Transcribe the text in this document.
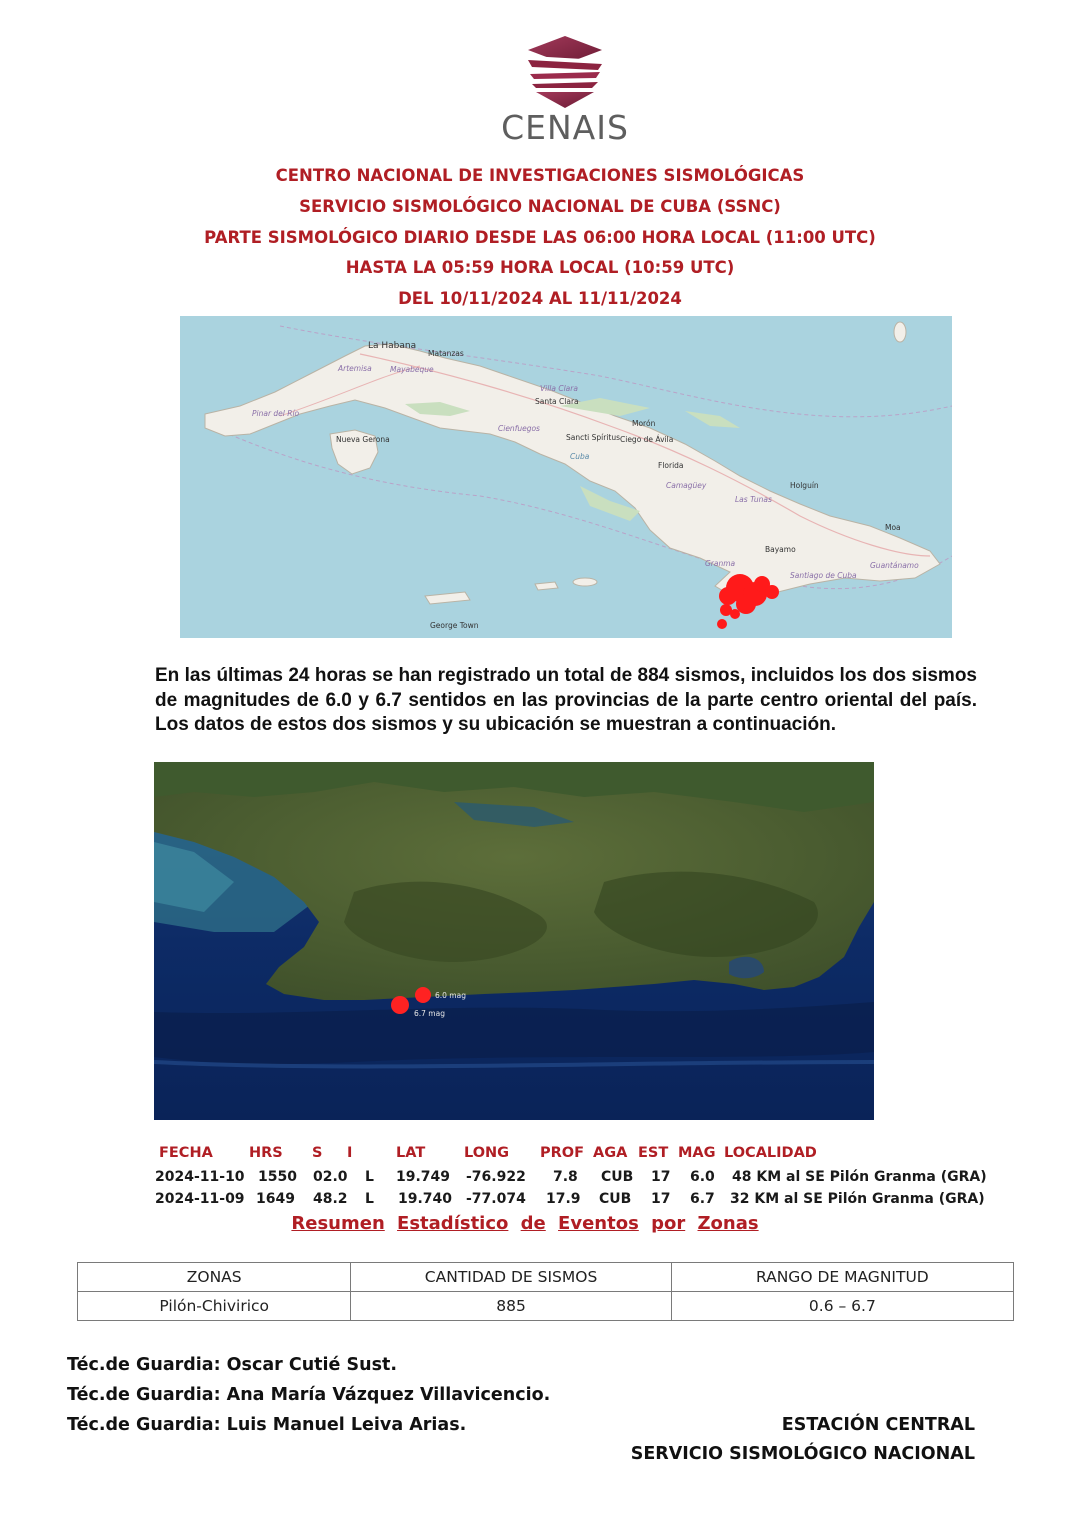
CENAIS
CENTRO NACIONAL DE INVESTIGACIONES SISMOLÓGICAS
SERVICIO SISMOLÓGICO NACIONAL DE CUBA (SSNC)
PARTE SISMOLÓGICO DIARIO DESDE LAS 06:00 HORA LOCAL (11:00 UTC)
HASTA LA 05:59 HORA LOCAL (10:59 UTC)
DEL 10/11/2024 AL 11/11/2024
La Habana
Matanzas
Artemisa Mayabeque
Pinar del Río
Nueva Gerona
Villa Clara
Santa Clara
Cienfuegos
Sancti Spíritus Ciego de Ávila
Morón
Florida
Camagüey
Las Tunas
Holguín
Moa
Bayamo
Granma
Santiago de Cuba
Guantánamo
Cuba
George Town

En las últimas 24 horas se han registrado un total de 884 sismos, incluidos los dos sismos de magnitudes de 6.0 y 6.7 sentidos en las provincias de la parte centro oriental del país. Los datos de estos dos sismos y su ubicación se muestran a continuación.

6.0 mag
6.7 mag
FECHA HRS S I	LAT	LONG PROF AGA EST MAG LOCALIDAD
2024-11-10 1550 02.0 L 19.749 -76.922 7.8 CUB 17 6.0 48 KM al SE Pilón Granma (GRA)
2024-11-09 1649 48.2 L 19.740 -77.074 17.9 CUB 17 6.7 32 KM al SE Pilón Granma (GRA)
Resumen Estadístico de Eventos por Zonas
ZONAS	CANTIDAD DE SISMOS	RANGO DE MAGNITUD
Pilón-Chivirico	885	0.6 – 6.7
Téc.de Guardia: Oscar Cutié Sust.
Téc.de Guardia: Ana María Vázquez Villavicencio.
Téc.de Guardia: Luis Manuel Leiva Arias.	ESTACIÓN CENTRAL
SERVICIO SISMOLÓGICO NACIONAL
